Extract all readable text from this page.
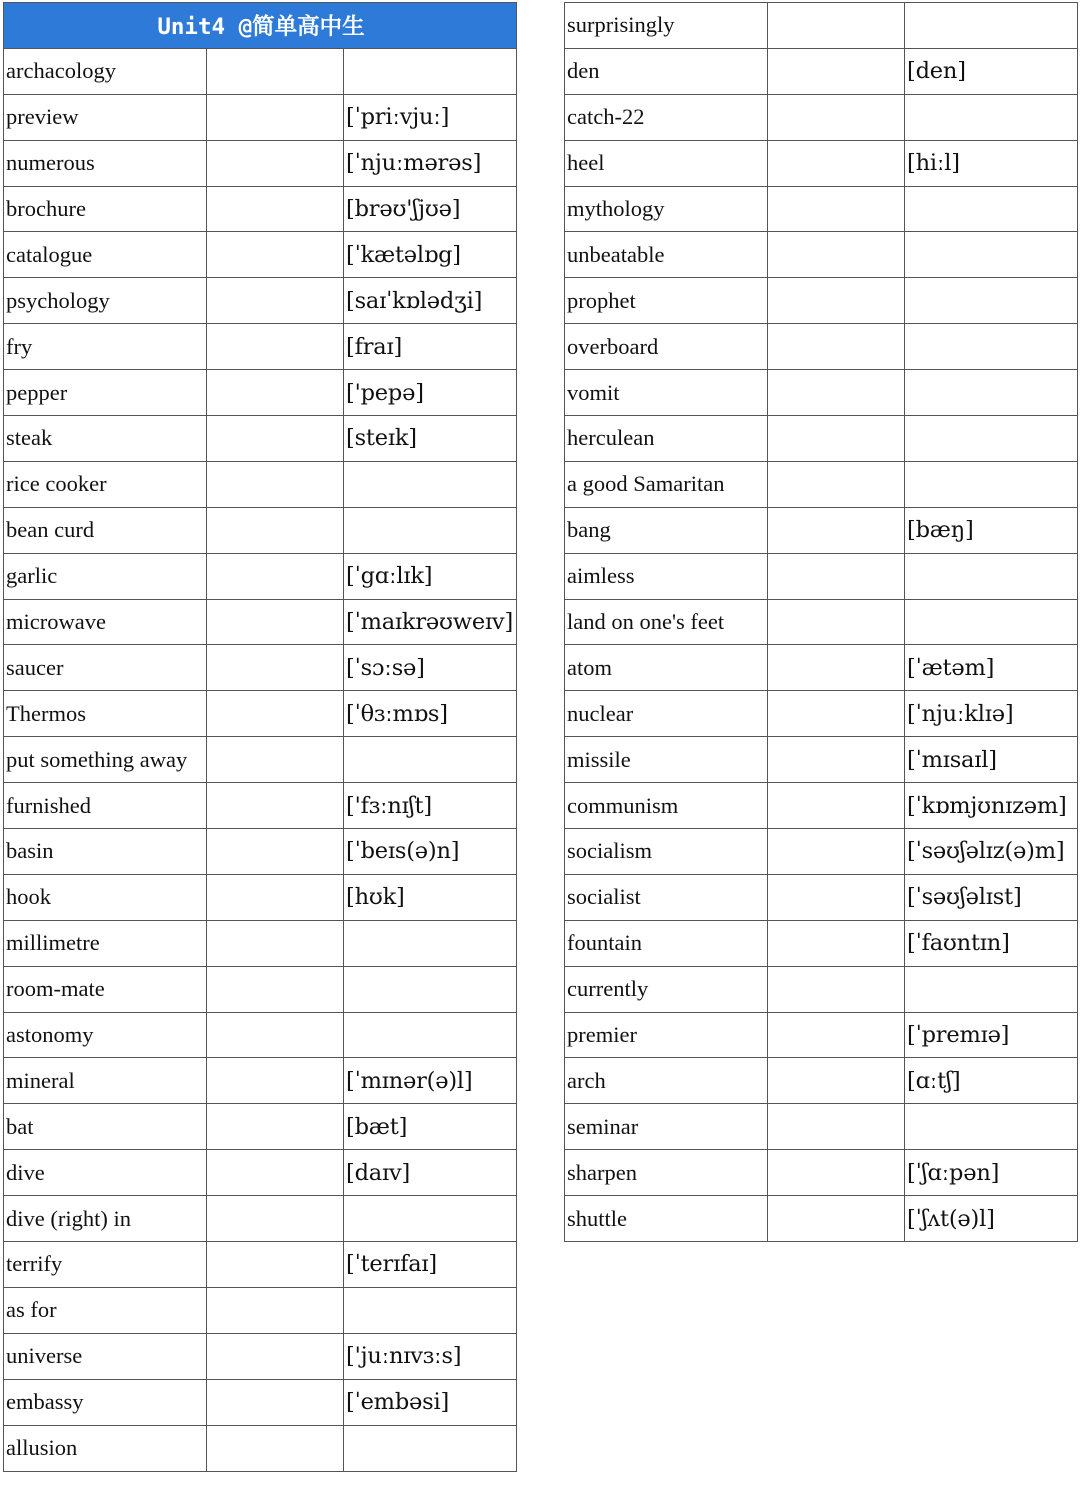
Unit4 @简单高中生		
archacology		
preview		[ˈpriːvjuː]
numerous		[ˈnjuːmərəs]
brochure		[brəʊ'ʃjʊə]
catalogue		[ˈkætəlɒg]
psychology		[saɪˈkɒlədʒi]
fry		[fraɪ]
pepper		['pepə]
steak		[steɪk]
rice cooker		
bean curd		
garlic		[ˈgɑːlɪk]
microwave		[ˈmaɪkrəʊweɪv]
saucer		[ˈsɔːsə]
Thermos		[ˈθɜːmɒs]
put something away		
furnished		['fɜːnɪʃt]
basin		[ˈbeɪs(ə)n]
hook		[hʊk]
millimetre		
room-mate		
astonomy		
mineral		[ˈmɪnər(ə)l]
bat		[bæt]
dive		[daɪv]
dive (right) in		
terrify		[ˈterɪfaɪ]
as for		
universe		['juːnɪvɜːs]
embassy		[ˈembəsi]
allusion		
surprisingly		
den		[den]
catch-22		
heel		[hiːl]
mythology		
unbeatable		
prophet		
overboard		
vomit		
herculean		
a good Samaritan		
bang		[bæŋ]
aimless		
land on one's feet		
atom		[ˈætəm]
nuclear		[ˈnjuːklɪə]
missile		[ˈmɪsaɪl]
communism		[ˈkɒmjʊnɪzəm]
socialism		[ˈsəʊʃəlɪz(ə)m]
socialist		[ˈsəʊʃəlɪst]
fountain		[ˈfaʊntɪn]
currently		
premier		[ˈpremɪə]
arch		[ɑːtʃ]
seminar		
sharpen		[ˈʃɑːpən]
shuttle		[ˈʃʌt(ə)l]
